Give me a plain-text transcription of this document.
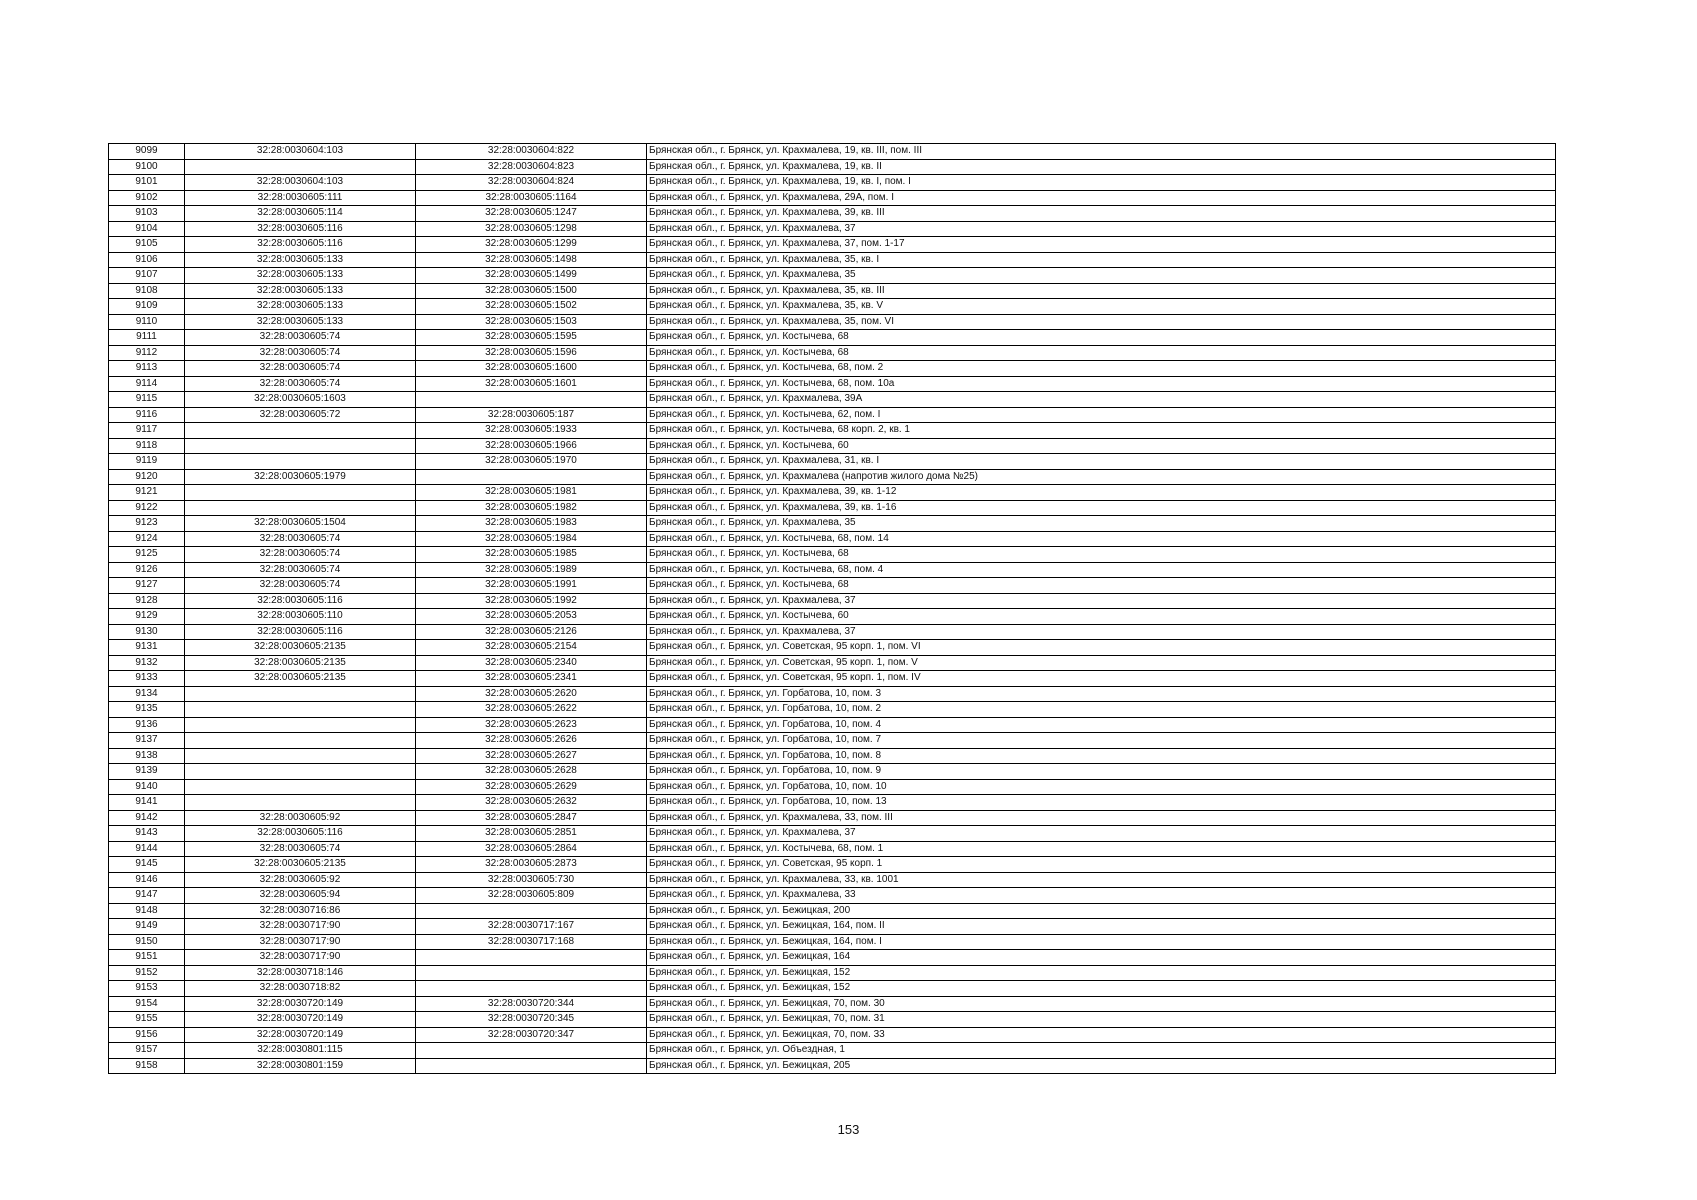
9099	32:28:0030604:103	32:28:0030604:822	Брянская обл., г. Брянск, ул. Крахмалева, 19, кв. III, пом. III
9100		32:28:0030604:823	Брянская обл., г. Брянск, ул. Крахмалева, 19, кв. II
9101	32:28:0030604:103	32:28:0030604:824	Брянская обл., г. Брянск, ул. Крахмалева, 19, кв. I, пом. I
9102	32:28:0030605:111	32:28:0030605:1164	Брянская обл., г. Брянск, ул. Крахмалева, 29А, пом. I
9103	32:28:0030605:114	32:28:0030605:1247	Брянская обл., г. Брянск, ул. Крахмалева, 39, кв. III
9104	32:28:0030605:116	32:28:0030605:1298	Брянская обл., г. Брянск, ул. Крахмалева, 37
9105	32:28:0030605:116	32:28:0030605:1299	Брянская обл., г. Брянск, ул. Крахмалева, 37, пом. 1-17
9106	32:28:0030605:133	32:28:0030605:1498	Брянская обл., г. Брянск, ул. Крахмалева, 35, кв. I
9107	32:28:0030605:133	32:28:0030605:1499	Брянская обл., г. Брянск, ул. Крахмалева, 35
9108	32:28:0030605:133	32:28:0030605:1500	Брянская обл., г. Брянск, ул. Крахмалева, 35, кв. III
9109	32:28:0030605:133	32:28:0030605:1502	Брянская обл., г. Брянск, ул. Крахмалева, 35, кв. V
9110	32:28:0030605:133	32:28:0030605:1503	Брянская обл., г. Брянск, ул. Крахмалева, 35, пом. VI
9111	32:28:0030605:74	32:28:0030605:1595	Брянская обл., г. Брянск, ул. Костычева, 68
9112	32:28:0030605:74	32:28:0030605:1596	Брянская обл., г. Брянск, ул. Костычева, 68
9113	32:28:0030605:74	32:28:0030605:1600	Брянская обл., г. Брянск, ул. Костычева, 68, пом. 2
9114	32:28:0030605:74	32:28:0030605:1601	Брянская обл., г. Брянск, ул. Костычева, 68, пом. 10а
9115	32:28:0030605:1603		Брянская обл., г. Брянск, ул. Крахмалева, 39А
9116	32:28:0030605:72	32:28:0030605:187	Брянская обл., г. Брянск, ул. Костычева, 62, пом. I
9117		32:28:0030605:1933	Брянская обл., г. Брянск, ул. Костычева, 68 корп. 2, кв. 1
9118		32:28:0030605:1966	Брянская обл., г. Брянск, ул. Костычева, 60
9119		32:28:0030605:1970	Брянская обл., г. Брянск, ул. Крахмалева, 31, кв. I
9120	32:28:0030605:1979		Брянская обл., г. Брянск, ул. Крахмалева (напротив жилого дома №25)
9121		32:28:0030605:1981	Брянская обл., г. Брянск, ул. Крахмалева, 39, кв. 1-12
9122		32:28:0030605:1982	Брянская обл., г. Брянск, ул. Крахмалева, 39, кв. 1-16
9123	32:28:0030605:1504	32:28:0030605:1983	Брянская обл., г. Брянск, ул. Крахмалева, 35
9124	32:28:0030605:74	32:28:0030605:1984	Брянская обл., г. Брянск, ул. Костычева, 68, пом. 14
9125	32:28:0030605:74	32:28:0030605:1985	Брянская обл., г. Брянск, ул. Костычева, 68
9126	32:28:0030605:74	32:28:0030605:1989	Брянская обл., г. Брянск, ул. Костычева, 68, пом. 4
9127	32:28:0030605:74	32:28:0030605:1991	Брянская обл., г. Брянск, ул. Костычева, 68
9128	32:28:0030605:116	32:28:0030605:1992	Брянская обл., г. Брянск, ул. Крахмалева, 37
9129	32:28:0030605:110	32:28:0030605:2053	Брянская обл., г. Брянск, ул. Костычева, 60
9130	32:28:0030605:116	32:28:0030605:2126	Брянская обл., г. Брянск, ул. Крахмалева, 37
9131	32:28:0030605:2135	32:28:0030605:2154	Брянская обл., г. Брянск, ул. Советская, 95 корп. 1, пом. VI
9132	32:28:0030605:2135	32:28:0030605:2340	Брянская обл., г. Брянск, ул. Советская, 95 корп. 1, пом. V
9133	32:28:0030605:2135	32:28:0030605:2341	Брянская обл., г. Брянск, ул. Советская, 95 корп. 1, пом. IV
9134		32:28:0030605:2620	Брянская обл., г. Брянск, ул. Горбатова, 10, пом. 3
9135		32:28:0030605:2622	Брянская обл., г. Брянск, ул. Горбатова, 10, пом. 2
9136		32:28:0030605:2623	Брянская обл., г. Брянск, ул. Горбатова, 10, пом. 4
9137		32:28:0030605:2626	Брянская обл., г. Брянск, ул. Горбатова, 10, пом. 7
9138		32:28:0030605:2627	Брянская обл., г. Брянск, ул. Горбатова, 10, пом. 8
9139		32:28:0030605:2628	Брянская обл., г. Брянск, ул. Горбатова, 10, пом. 9
9140		32:28:0030605:2629	Брянская обл., г. Брянск, ул. Горбатова, 10, пом. 10
9141		32:28:0030605:2632	Брянская обл., г. Брянск, ул. Горбатова, 10, пом. 13
9142	32:28:0030605:92	32:28:0030605:2847	Брянская обл., г. Брянск, ул. Крахмалева, 33, пом. III
9143	32:28:0030605:116	32:28:0030605:2851	Брянская обл., г. Брянск, ул. Крахмалева, 37
9144	32:28:0030605:74	32:28:0030605:2864	Брянская обл., г. Брянск, ул. Костычева, 68, пом. 1
9145	32:28:0030605:2135	32:28:0030605:2873	Брянская обл., г. Брянск, ул. Советская, 95 корп. 1
9146	32:28:0030605:92	32:28:0030605:730	Брянская обл., г. Брянск, ул. Крахмалева, 33, кв. 1001
9147	32:28:0030605:94	32:28:0030605:809	Брянская обл., г. Брянск, ул. Крахмалева, 33
9148	32:28:0030716:86		Брянская обл., г. Брянск, ул. Бежицкая, 200
9149	32:28:0030717:90	32:28:0030717:167	Брянская обл., г. Брянск, ул. Бежицкая, 164, пом. II
9150	32:28:0030717:90	32:28:0030717:168	Брянская обл., г. Брянск, ул. Бежицкая, 164, пом. I
9151	32:28:0030717:90		Брянская обл., г. Брянск, ул. Бежицкая, 164
9152	32:28:0030718:146		Брянская обл., г. Брянск, ул. Бежицкая, 152
9153	32:28:0030718:82		Брянская обл., г. Брянск, ул. Бежицкая, 152
9154	32:28:0030720:149	32:28:0030720:344	Брянская обл., г. Брянск, ул. Бежицкая, 70, пом. 30
9155	32:28:0030720:149	32:28:0030720:345	Брянская обл., г. Брянск, ул. Бежицкая, 70, пом. 31
9156	32:28:0030720:149	32:28:0030720:347	Брянская обл., г. Брянск, ул. Бежицкая, 70, пом. 33
9157	32:28:0030801:115		Брянская обл., г. Брянск, ул. Объездная, 1
9158	32:28:0030801:159		Брянская обл., г. Брянск, ул. Бежицкая, 205
153
